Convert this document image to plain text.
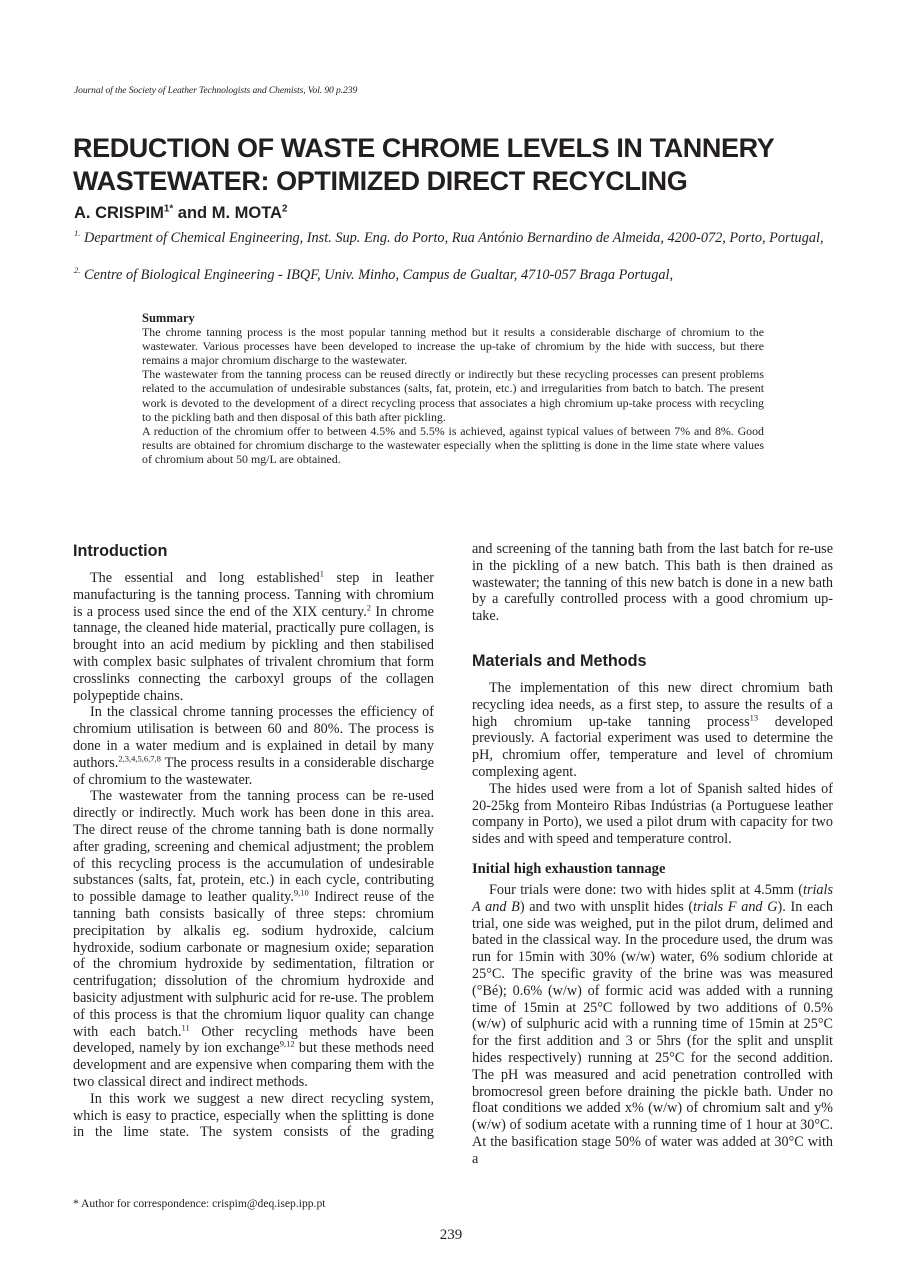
Journal of the Society of Leather Technologists and Chemists, Vol. 90 p.239
REDUCTION OF WASTE CHROME LEVELS IN TANNERY
WASTEWATER: OPTIMIZED DIRECT RECYCLING
A. $CRISPIM^{1*}$ and M. MOTA$^2$
$^{1.}$ Department of Chemical Engineering, Inst. Sup. Eng. do Porto, Rua António Bernardino de Almeida, 4200-072, Porto, Portugal,
$^{2.}$ Centre of Biological Engineering - IBQF, Univ. Minho, Campus de Gualtar, 4710-057 Braga Portugal,
Summary

The chrome tanning process is the most popular tanning method but it results a considerable discharge of chromium to the wastewater. Various processes have been developed to increase the up-take of chromium by the hide with success, but there remains a major chromium discharge to the wastewater.

The wastewater from the tanning process can be reused directly or indirectly but these recycling processes can present problems related to the accumulation of undesirable substances (salts, fat, protein, etc.) and irregularities from batch to batch. The present work is devoted to the development of a direct recycling process that associates a high chromium up-take process with recycling to the pickling bath and then disposal of this bath after pickling.

A reduction of the chromium offer to between 4.5% and 5.5% is achieved, against typical values of between 7% and 8%. Good results are obtained for chromium discharge to the wastewater especially when the splitting is done in the lime state where values of chromium about 50 mg/L are obtained.

Introduction

The essential and long established$^1$ step in leather manufacturing is the tanning process. Tanning with chromium is a process used since the end of the XIX century.$^2$ In chrome tannage, the cleaned hide material, practically pure collagen, is brought into an acid medium by pickling and then stabilised with complex basic sulphates of trivalent chromium that form crosslinks connecting the carboxyl groups of the collagen polypeptide chains.

In the classical chrome tanning processes the efficiency of chromium utilisation is between 60 and 80%. The process is done in a water medium and is explained in detail by many authors.$^{2,3,4,5,6,7,8}$ The process results in a considerable discharge of chromium to the wastewater.

The wastewater from the tanning process can be re-used directly or indirectly. Much work has been done in this area. The direct reuse of the chrome tanning bath is done normally after grading, screening and chemical adjustment; the problem of this recycling process is the accumulation of undesirable substances (salts, fat, protein, etc.) in each cycle, contributing to possible damage to leather quality.$^{9,10}$ Indirect reuse of the tanning bath consists basically of three steps: chromium precipitation by alkalis eg. sodium hydroxide, calcium hydroxide, sodium carbonate or magnesium oxide; separation of the chromium hydroxide by sedimentation, filtration or centrifugation; dissolution of the chromium hydroxide and basicity adjustment with sulphuric acid for re-use. The problem of this process is that the chromium liquor quality can change with each batch.$^{11}$ Other recycling methods have been developed, namely by ion exchange$^{9,12}$ but these methods need development and are expensive when comparing them with the two classical direct and indirect methods.

In this work we suggest a new direct recycling system, which is easy to practice, especially when the splitting is done in the lime state. The system consists of the grading

and screening of the tanning bath from the last batch for re-use in the pickling of a new batch. This bath is then drained as wastewater; the tanning of this new batch is done in a new bath by a carefully controlled process with a good chromium up-take.

Materials and Methods

The implementation of this new direct chromium bath recycling idea needs, as a first step, to assure the results of a high chromium up-take tanning process$^{13}$ developed previously. A factorial experiment was used to determine the pH, chromium offer, temperature and level of chromium complexing agent.

The hides used were from a lot of Spanish salted hides of 20-25kg from Monteiro Ribas Indústrias (a Portuguese leather company in Porto), we used a pilot drum with capacity for two sides and with speed and temperature control.

Initial high exhaustion tannage

Four trials were done: two with hides split at 4.5mm (trials A and B) and two with unsplit hides (trials F and G). In each trial, one side was weighed, put in the pilot drum, delimed and bated in the classical way. In the procedure used, the drum was run for 15min with 30% (w/w) water, 6% sodium chloride at 25°C. The specific gravity of the brine was was measured (°Bé); 0.6% (w/w) of formic acid was added with a running time of 15min at 25°C followed by two additions of 0.5% (w/w) of sulphuric acid with a running time of 15min at 25°C for the first addition and 3 or 5hrs (for the split and unsplit hides respectively) running at 25°C for the second addition. The pH was measured and acid penetration controlled with bromocresol green before draining the pickle bath. Under no float conditions we added x% (w/w) of chromium salt and y% (w/w) of sodium acetate with a running time of 1 hour at 30°C. At the basification stage 50% of water was added at 30°C with a

* Author for correspondence: crispim@deq.isep.ipp.pt
239
